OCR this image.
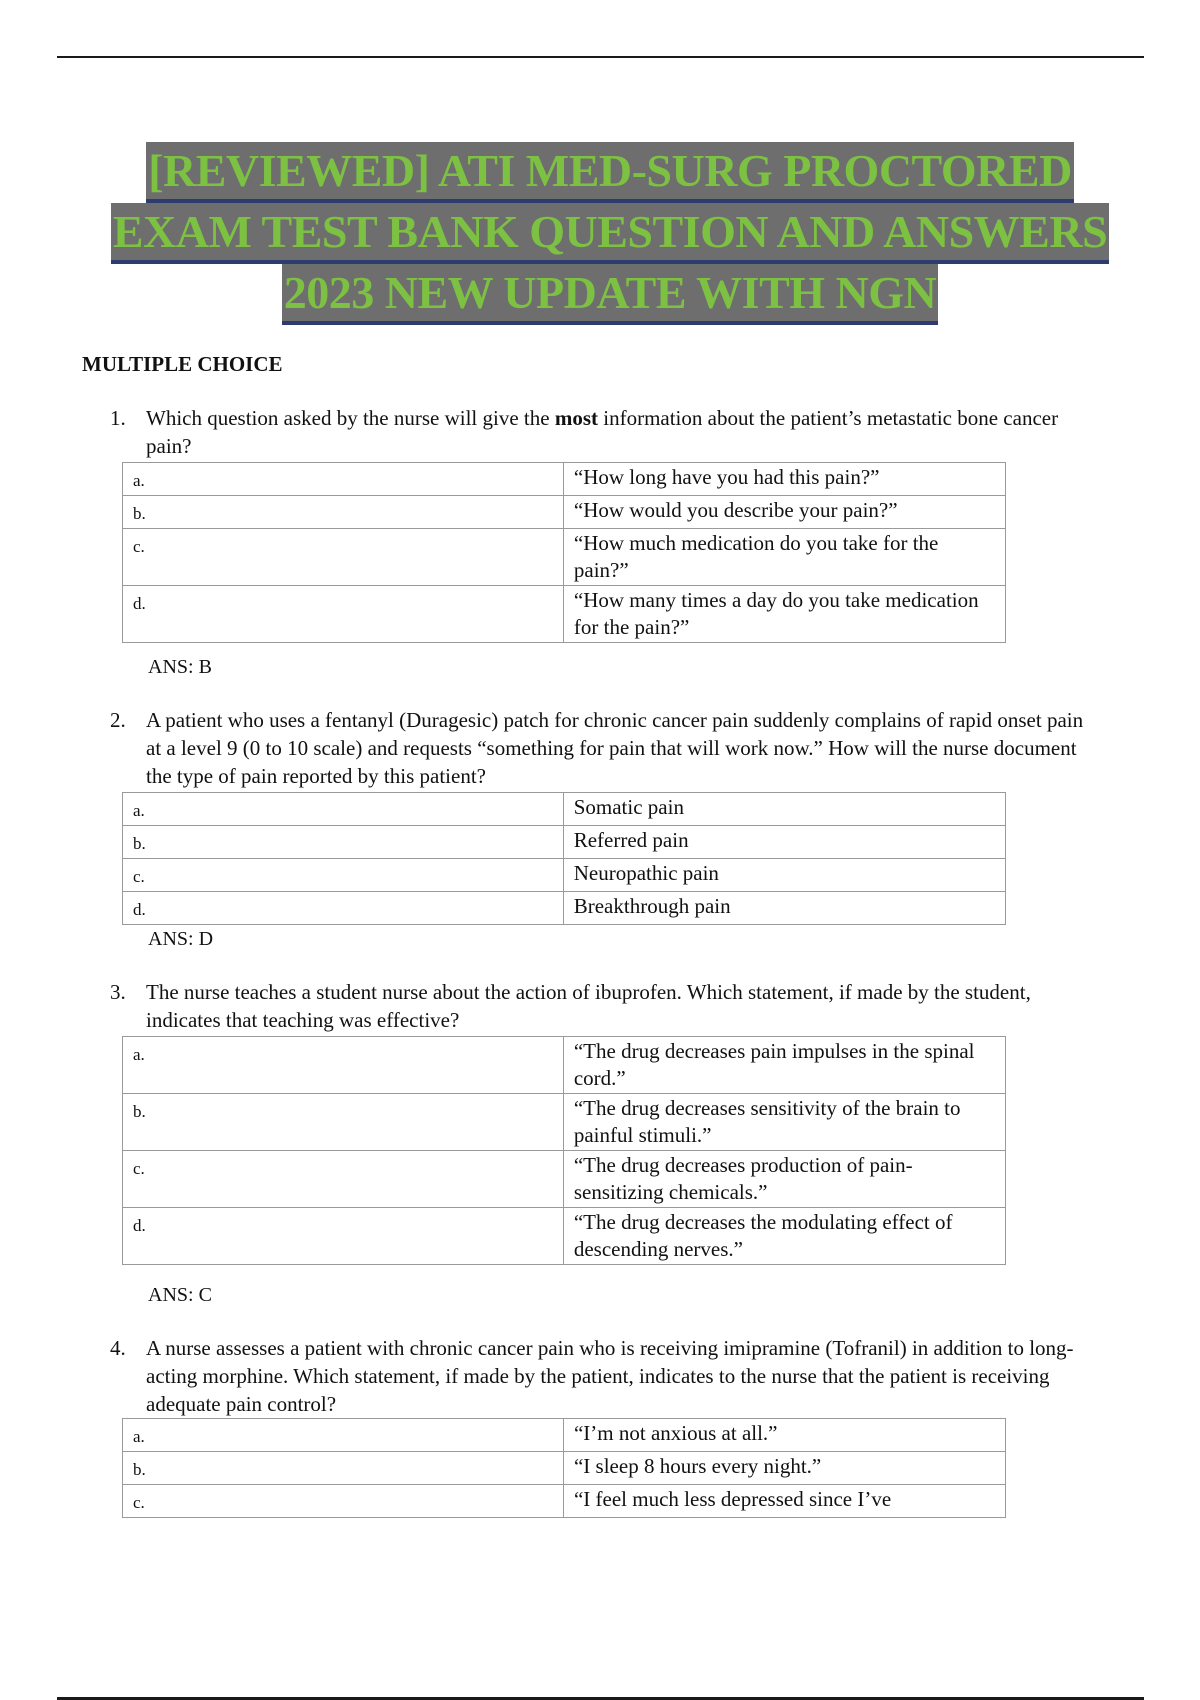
[REVIEWED] ATI MED-SURG PROCTORED
EXAM TEST BANK QUESTION AND ANSWERS
2023 NEW UPDATE WITH NGN
MULTIPLE CHOICE
1. Which question asked by the nurse will give the most information about the patient’s metastatic bone cancer pain?
a.	“How long have you had this pain?”
b.	“How would you describe your pain?”
c.	“How much medication do you take for the pain?”
d.	“How many times a day do you take medication for the pain?”
ANS: B
2. A patient who uses a fentanyl (Duragesic) patch for chronic cancer pain suddenly complains of rapid onset pain at a level 9 (0 to 10 scale) and requests “something for pain that will work now.” How will the nurse document the type of pain reported by this patient?
a.	Somatic pain
b.	Referred pain
c.	Neuropathic pain
d.	Breakthrough pain
ANS: D
3. The nurse teaches a student nurse about the action of ibuprofen. Which statement, if made by the student, indicates that teaching was effective?
a.	“The drug decreases pain impulses in the spinal cord.”
b.	“The drug decreases sensitivity of the brain to painful stimuli.”
c.	“The drug decreases production of pain-sensitizing chemicals.”
d.	“The drug decreases the modulating effect of descending nerves.”
ANS: C
4. A nurse assesses a patient with chronic cancer pain who is receiving imipramine (Tofranil) in addition to long-acting morphine. Which statement, if made by the patient, indicates to the nurse that the patient is receiving adequate pain control?
a.	“I’m not anxious at all.”
b.	“I sleep 8 hours every night.”
c.	“I feel much less depressed since I’ve
